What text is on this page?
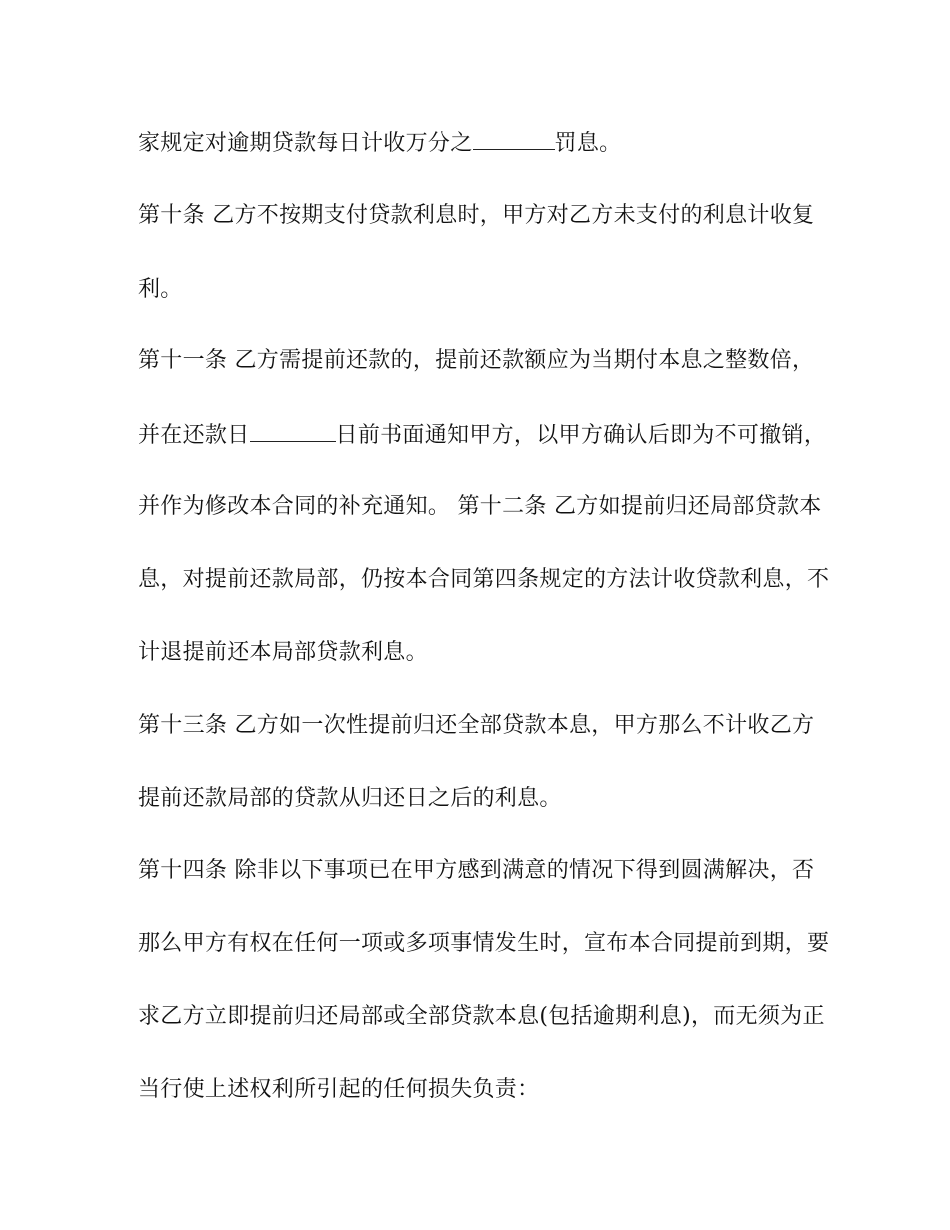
家规定对逾期贷款每日计收万分之	罚息。
第十条 乙方不按期支付贷款利息时，甲方对乙方未支付的利息计收复
利。
第十一条 乙方需提前还款的，提前还款额应为当期付本息之整数倍，
并在还款日	日前书面通知甲方，以甲方确认后即为不可撤销，
并作为修改本合同的补充通知。 第十二条 乙方如提前归还局部贷款本
息，对提前还款局部，仍按本合同第四条规定的方法计收贷款利息，不
计退提前还本局部贷款利息。
第十三条 乙方如一次性提前归还全部贷款本息，甲方那么不计收乙方
提前还款局部的贷款从归还日之后的利息。
第十四条 除非以下事项已在甲方感到满意的情况下得到圆满解决，否
那么甲方有权在任何一项或多项事情发生时，宣布本合同提前到期，要
求乙方立即提前归还局部或全部贷款本息(包括逾期利息)，而无须为正
当行使上述权利所引起的任何损失负责：
